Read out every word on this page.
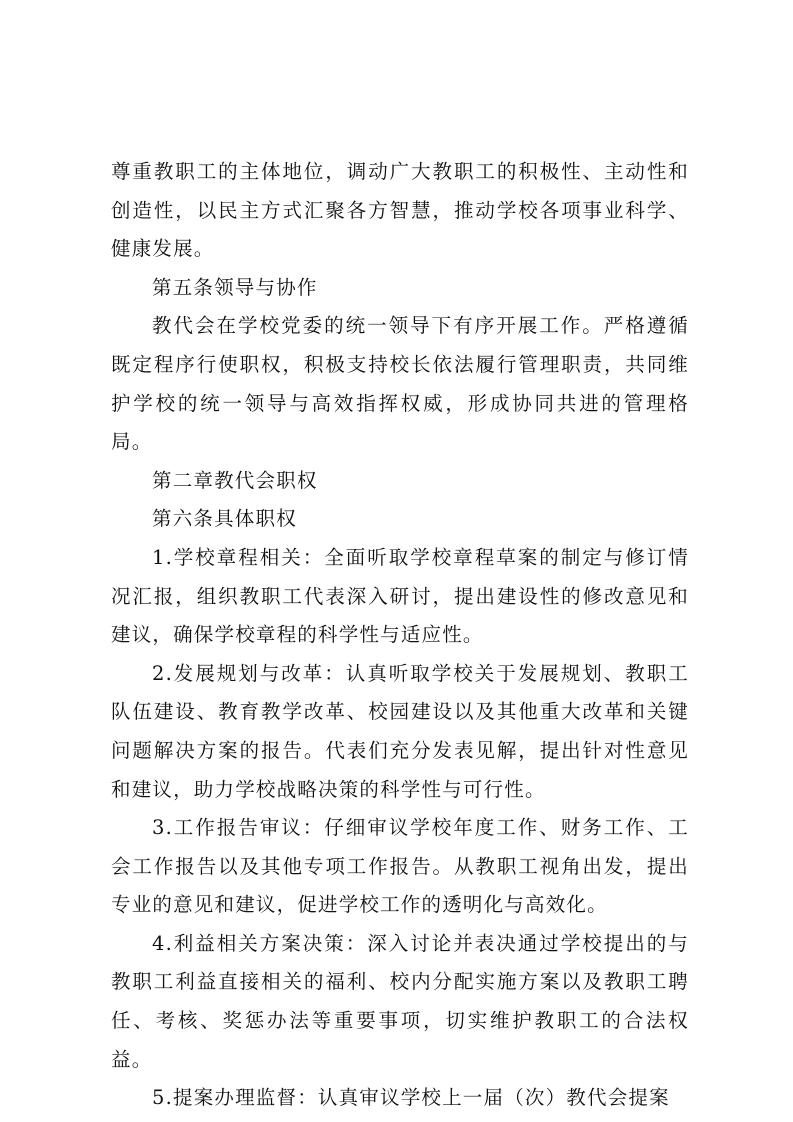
尊重教职工的主体地位，调动广大教职工的积极性、主动性和创造性，以民主方式汇聚各方智慧，推动学校各项事业科学、健康发展。

第五条领导与协作

教代会在学校党委的统一领导下有序开展工作。严格遵循既定程序行使职权，积极支持校长依法履行管理职责，共同维护学校的统一领导与高效指挥权威，形成协同共进的管理格局。

第二章教代会职权

第六条具体职权

1.学校章程相关：全面听取学校章程草案的制定与修订情况汇报，组织教职工代表深入研讨，提出建设性的修改意见和建议，确保学校章程的科学性与适应性。

2.发展规划与改革：认真听取学校关于发展规划、教职工队伍建设、教育教学改革、校园建设以及其他重大改革和关键问题解决方案的报告。代表们充分发表见解，提出针对性意见和建议，助力学校战略决策的科学性与可行性。

3.工作报告审议：仔细审议学校年度工作、财务工作、工会工作报告以及其他专项工作报告。从教职工视角出发，提出专业的意见和建议，促进学校工作的透明化与高效化。

4.利益相关方案决策：深入讨论并表决通过学校提出的与教职工利益直接相关的福利、校内分配实施方案以及教职工聘任、考核、奖惩办法等重要事项，切实维护教职工的合法权益。

5.提案办理监督：认真审议学校上一届（次）教代会提案
